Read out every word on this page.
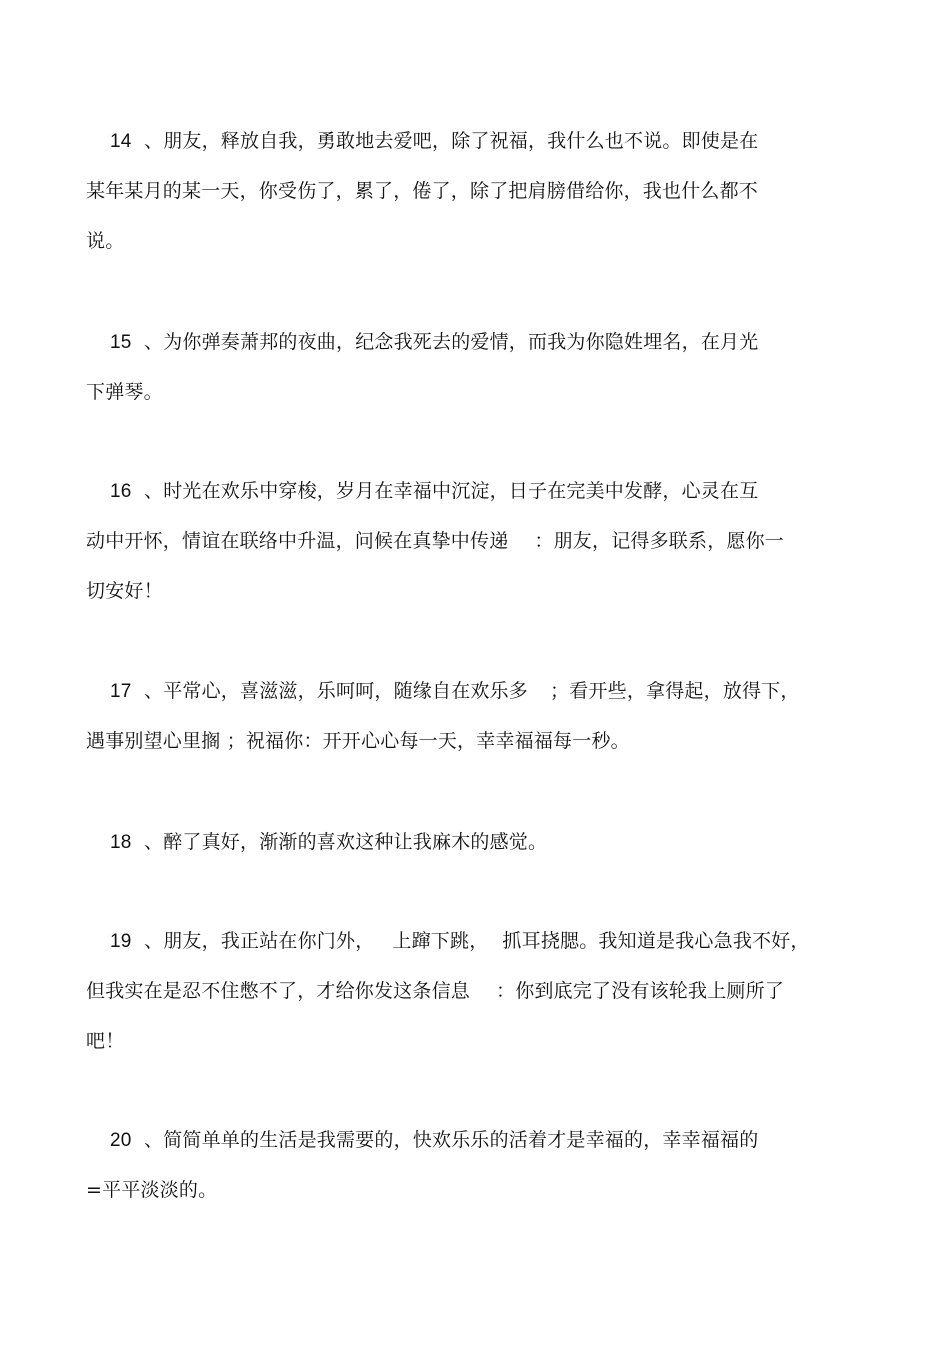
14 、朋友，释放自我，勇敢地去爱吧，除了祝福，我什么也不说。即使是在
某年某月的某一天，你受伤了，累了，倦了，除了把肩膀借给你，我也什么都不
说。
15 、为你弹奏萧邦的夜曲，纪念我死去的爱情，而我为你隐姓埋名，在月光
下弹琴。
16 、时光在欢乐中穿梭，岁月在幸福中沉淀，日子在完美中发酵，心灵在互
动中开怀，情谊在联络中升温，问候在真挚中传递 ：朋友，记得多联系，愿你一
切安好！
17 、平常心，喜滋滋，乐呵呵，随缘自在欢乐多 ；看开些，拿得起，放得下，
遇事别望心里搁 ；祝福你：开开心心每一天，幸幸福福每一秒。
18 、醉了真好，渐渐的喜欢这种让我麻木的感觉。
19 、朋友，我正站在你门外， 上蹿下跳， 抓耳挠腮。我知道是我心急我不好，
但我实在是忍不住憋不了，才给你发这条信息 ：你到底完了没有该轮我上厕所了
吧！
20 、简简单单的生活是我需要的，快欢乐乐的活着才是幸福的，幸幸福福的
=平平淡淡的。
